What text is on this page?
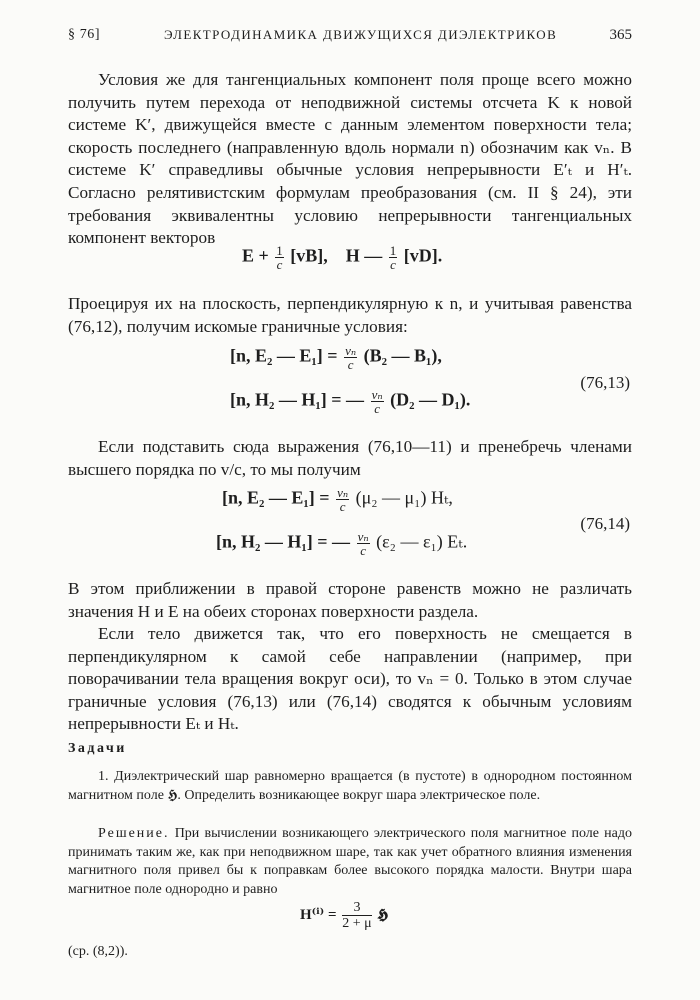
§ 76]	ЭЛЕКТРОДИНАМИКА ДВИЖУЩИХСЯ ДИЭЛЕКТРИКОВ	365

Условия же для тангенциальных компонент поля проще всего можно получить путем перехода от неподвижной системы отсчета K к новой системе K′, движущейся вместе с данным элементом поверхности тела; скорость последнего (направленную вдоль нормали n) обозначим как vₙ. В системе K′ справедливы обычные условия непрерывности E′ₜ и H′ₜ. Согласно релятивистским формулам преобразования (см. II § 24), эти требования эквивалентны условию непрерывности тангенциальных компонент векторов

$E + \frac{1}{c} [vB]$, H — $\frac{1}{c} [vD]$.

Проецируя их на плоскость, перпендикулярную к n, и учитывая равенства (76,12), получим искомые граничные условия:

[n, E₂ — $E_1] = \frac{\text{vₙ}}{c} (B_2$ — B₁),
[n, H₂ — H₁] = — $\frac{\text{vₙ}}{c} (D_2$ — D₁).
(76,13)

Если подставить сюда выражения (76,10—11) и пренебречь членами высшего порядка по v/c, то мы получим

[n, E₂ — $E_1] = \frac{\text{vₙ}}{c} (\mu_2$ — μ₁) Hₜ,
[n, H₂ — H₁] = — $\frac{\text{vₙ}}{c} (\varepsilon_2$ — ε₁) Eₜ.
(76,14)

В этом приближении в правой стороне равенств можно не различать значения H и E на обеих сторонах поверхности раздела.

Если тело движется так, что его поверхность не смещается в перпендикулярном к самой себе направлении (например, при поворачивании тела вращения вокруг оси), то vₙ = 0. Только в этом случае граничные условия (76,13) или (76,14) сводятся к обычным условиям непрерывности Eₜ и Hₜ.

Задачи

1. Диэлектрический шар равномерно вращается (в пустоте) в однородном постоянном магнитном поле 𝕳. Определить возникающее вокруг шара электрическое поле.

Решение. При вычислении возникающего электрического поля магнитное поле надо принимать таким же, как при неподвижном шаре, так как учет обратного влияния изменения магнитного поля привел бы к поправкам более высокого порядка малости. Внутри шара магнитное поле однородно и равно

$H^{(i)} = \frac{3}{2 + \mu}$ 𝕳

(ср. (8,2)).
